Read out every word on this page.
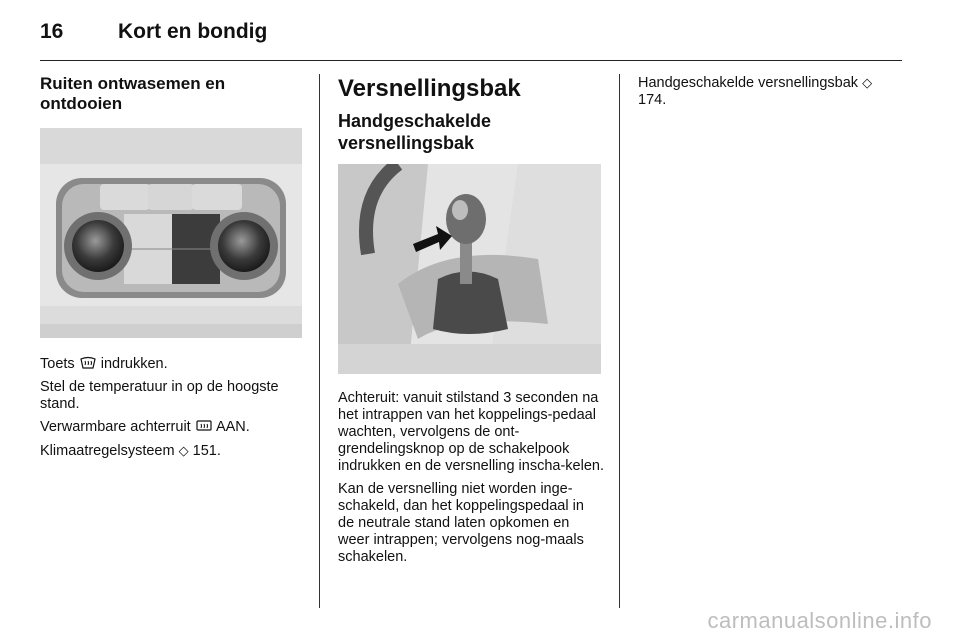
16	Kort en bondig
Ruiten ontwasemen en ontdooien

Toets  indrukken.

Stel de temperatuur in op de hoogste stand.

Verwarmbare achterruit  AAN.

Klimaatregelsysteem ◇ 151.

Versnellingsbak
Handgeschakelde versnellingsbak

Achteruit: vanuit stilstand 3 seconden na het intrappen van het koppelings-pedaal wachten, vervolgens de ont-grendelingsknop op de schakelpook indrukken en de versnelling inscha-kelen.

Kan de versnelling niet worden inge-schakeld, dan het koppelingspedaal in de neutrale stand laten opkomen en weer intrappen; vervolgens nog-maals schakelen.

Handgeschakelde versnellingsbak ◇ 174.

carmanualsonline.info
